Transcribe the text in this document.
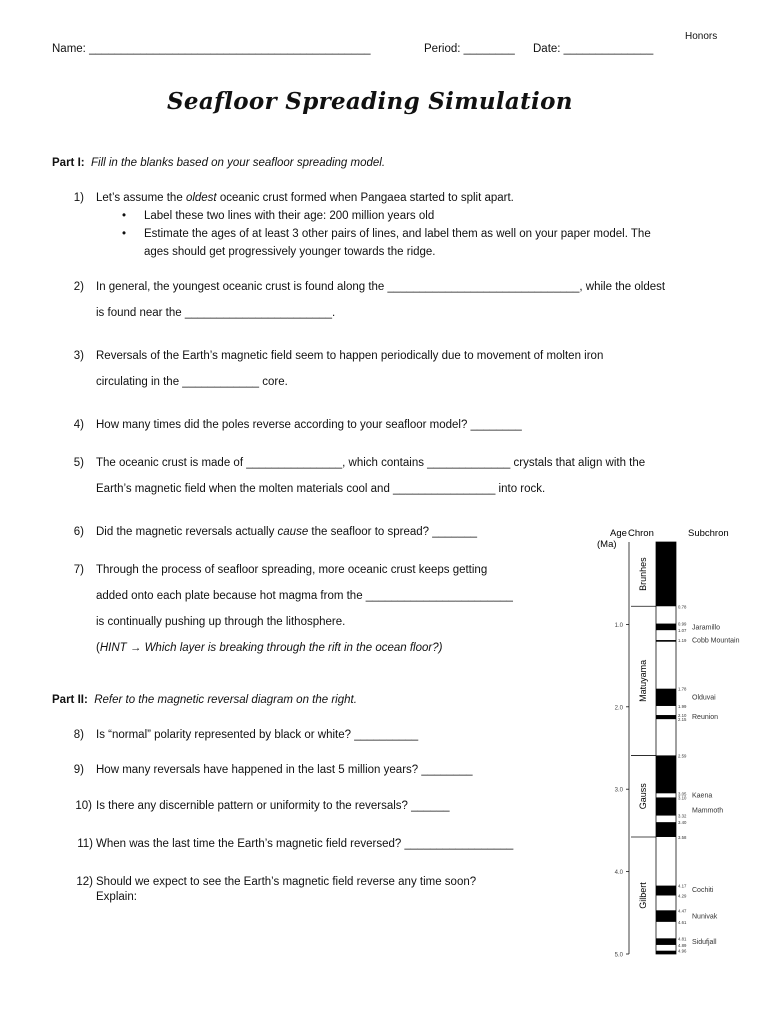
Honors
Name: ____________________________________________	Period: ________ Date: ______________
Seafloor Spreading Simulation
Part I: Fill in the blanks based on your seafloor spreading model.
1) Let’s assume the oldest oceanic crust formed when Pangaea started to split apart.
• Label these two lines with their age: 200 million years old
• Estimate the ages of at least 3 other pairs of lines, and label them as well on your paper model. The
ages should get progressively younger towards the ridge.
2) In general, the youngest oceanic crust is found along the ______________________________, while the oldest
is found near the _______________________.
3) Reversals of the Earth’s magnetic field seem to happen periodically due to movement of molten iron
circulating in the ____________ core.
4) How many times did the poles reverse according to your seafloor model? ________
5) The oceanic crust is made of _______________, which contains _____________ crystals that align with the
Earth’s magnetic field when the molten materials cool and ________________ into rock.
6) Did the magnetic reversals actually cause the seafloor to spread? _______
7) Through the process of seafloor spreading, more oceanic crust keeps getting
added onto each plate because hot magma from the _______________________
is continually pushing up through the lithosphere.
(HINT → Which layer is breaking through the rift in the ocean floor?)
Part II: Refer to the magnetic reversal diagram on the right.
8) Is “normal” polarity represented by black or white? __________
9) How many reversals have happened in the last 5 million years? ________
10) Is there any discernible pattern or uniformity to the reversals? ______
11) When was the last time the Earth’s magnetic field reversed? _________________
12) Should we expect to see the Earth’s magnetic field reverse any time soon?
Explain:
Age
(Ma)
Chron	Subchron
Brunhes
Matuyama
Gauss
Gilbert
1.0
2.0
3.0
4.0
5.0
0.78
0.99
1.07
1.19
1.78
1.99
2.10
2.15
2.59
3.05
3.10
3.32
3.40
3.58
4.17
4.29
4.47
4.61
4.81
4.89
4.96
Jaramillo
Cobb Mountain
Olduvai
Reunion
Kaena
Mammoth
Cochiti
Nunivak
Sidufjall
